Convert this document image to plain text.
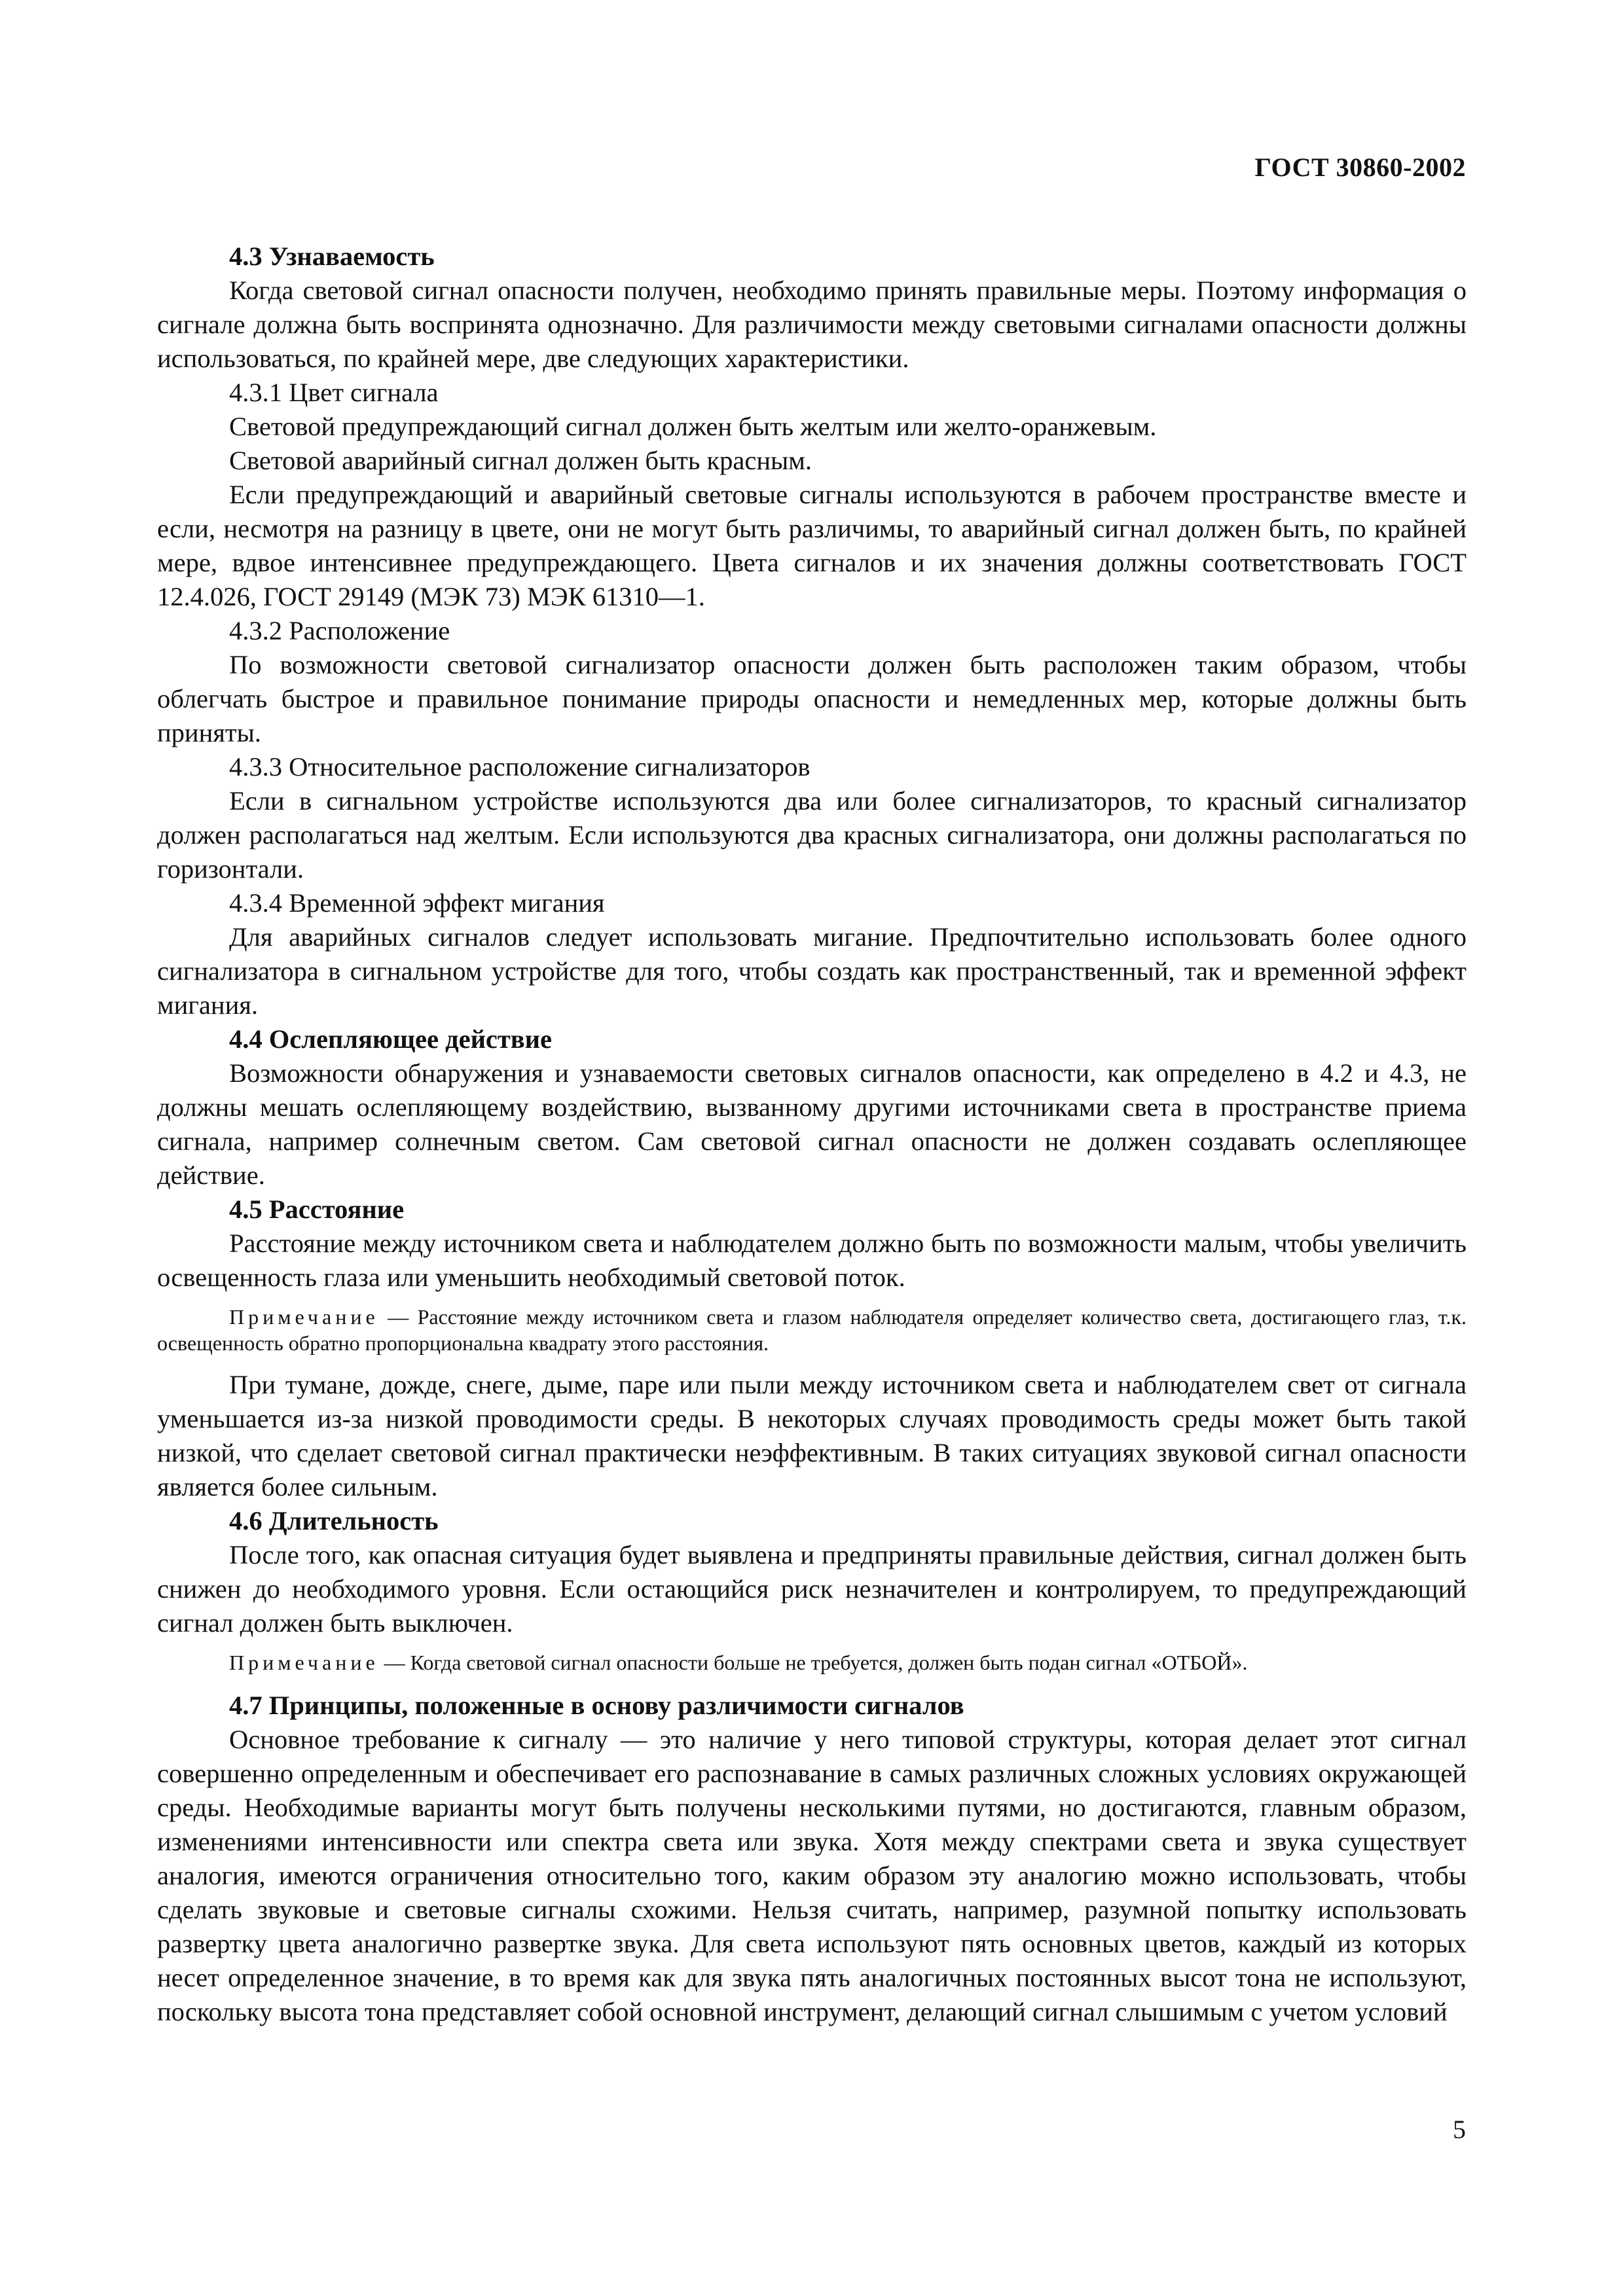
ГОСТ 30860-2002

4.3 Узнаваемость

Когда световой сигнал опасности получен, необходимо принять правильные меры. Поэтому информация о сигнале должна быть воспринята однозначно. Для различимости между световыми сигналами опасности должны использоваться, по крайней мере, две следующих характеристики.

4.3.1 Цвет сигнала

Световой предупреждающий сигнал должен быть желтым или желто-оранжевым.

Световой аварийный сигнал должен быть красным.

Если предупреждающий и аварийный световые сигналы используются в рабочем пространстве вместе и если, несмотря на разницу в цвете, они не могут быть различимы, то аварийный сигнал должен быть, по крайней мере, вдвое интенсивнее предупреждающего. Цвета сигналов и их значения должны соответствовать ГОСТ 12.4.026, ГОСТ 29149 (МЭК 73) МЭК 61310—1.

4.3.2 Расположение

По возможности световой сигнализатор опасности должен быть расположен таким образом, чтобы облегчать быстрое и правильное понимание природы опасности и немедленных мер, которые должны быть приняты.

4.3.3 Относительное расположение сигнализаторов

Если в сигнальном устройстве используются два или более сигнализаторов, то красный сигнализатор должен располагаться над желтым. Если используются два красных сигнализатора, они должны располагаться по горизонтали.

4.3.4 Временной эффект мигания

Для аварийных сигналов следует использовать мигание. Предпочтительно использовать более одного сигнализатора в сигнальном устройстве для того, чтобы создать как пространственный, так и временной эффект мигания.

4.4 Ослепляющее действие

Возможности обнаружения и узнаваемости световых сигналов опасности, как определено в 4.2 и 4.3, не должны мешать ослепляющему воздействию, вызванному другими источниками света в пространстве приема сигнала, например солнечным светом. Сам световой сигнал опасности не должен создавать ослепляющее действие.

4.5 Расстояние

Расстояние между источником света и наблюдателем должно быть по возможности малым, чтобы увеличить освещенность глаза или уменьшить необходимый световой поток.

Примечание — Расстояние между источником света и глазом наблюдателя определяет количество света, достигающего глаз, т.к. освещенность обратно пропорциональна квадрату этого расстояния.

При тумане, дожде, снеге, дыме, паре или пыли между источником света и наблюдателем свет от сигнала уменьшается из-за низкой проводимости среды. В некоторых случаях проводимость среды может быть такой низкой, что сделает световой сигнал практически неэффективным. В таких ситуациях звуковой сигнал опасности является более сильным.

4.6 Длительность

После того, как опасная ситуация будет выявлена и предприняты правильные действия, сигнал должен быть снижен до необходимого уровня. Если остающийся риск незначителен и контролируем, то предупреждающий сигнал должен быть выключен.

Примечание — Когда световой сигнал опасности больше не требуется, должен быть подан сигнал «ОТБОЙ».

4.7 Принципы, положенные в основу различимости сигналов

Основное требование к сигналу — это наличие у него типовой структуры, которая делает этот сигнал совершенно определенным и обеспечивает его распознавание в самых различных сложных условиях окружающей среды. Необходимые варианты могут быть получены несколькими путями, но достигаются, главным образом, изменениями интенсивности или спектра света или звука. Хотя между спектрами света и звука существует аналогия, имеются ограничения относительно того, каким образом эту аналогию можно использовать, чтобы сделать звуковые и световые сигналы схожими. Нельзя считать, например, разумной попытку использовать развертку цвета аналогично развертке звука. Для света используют пять основных цветов, каждый из которых несет определенное значение, в то время как для звука пять аналогичных постоянных высот тона не используют, поскольку высота тона представляет собой основной инструмент, делающий сигнал слышимым с учетом условий

5
